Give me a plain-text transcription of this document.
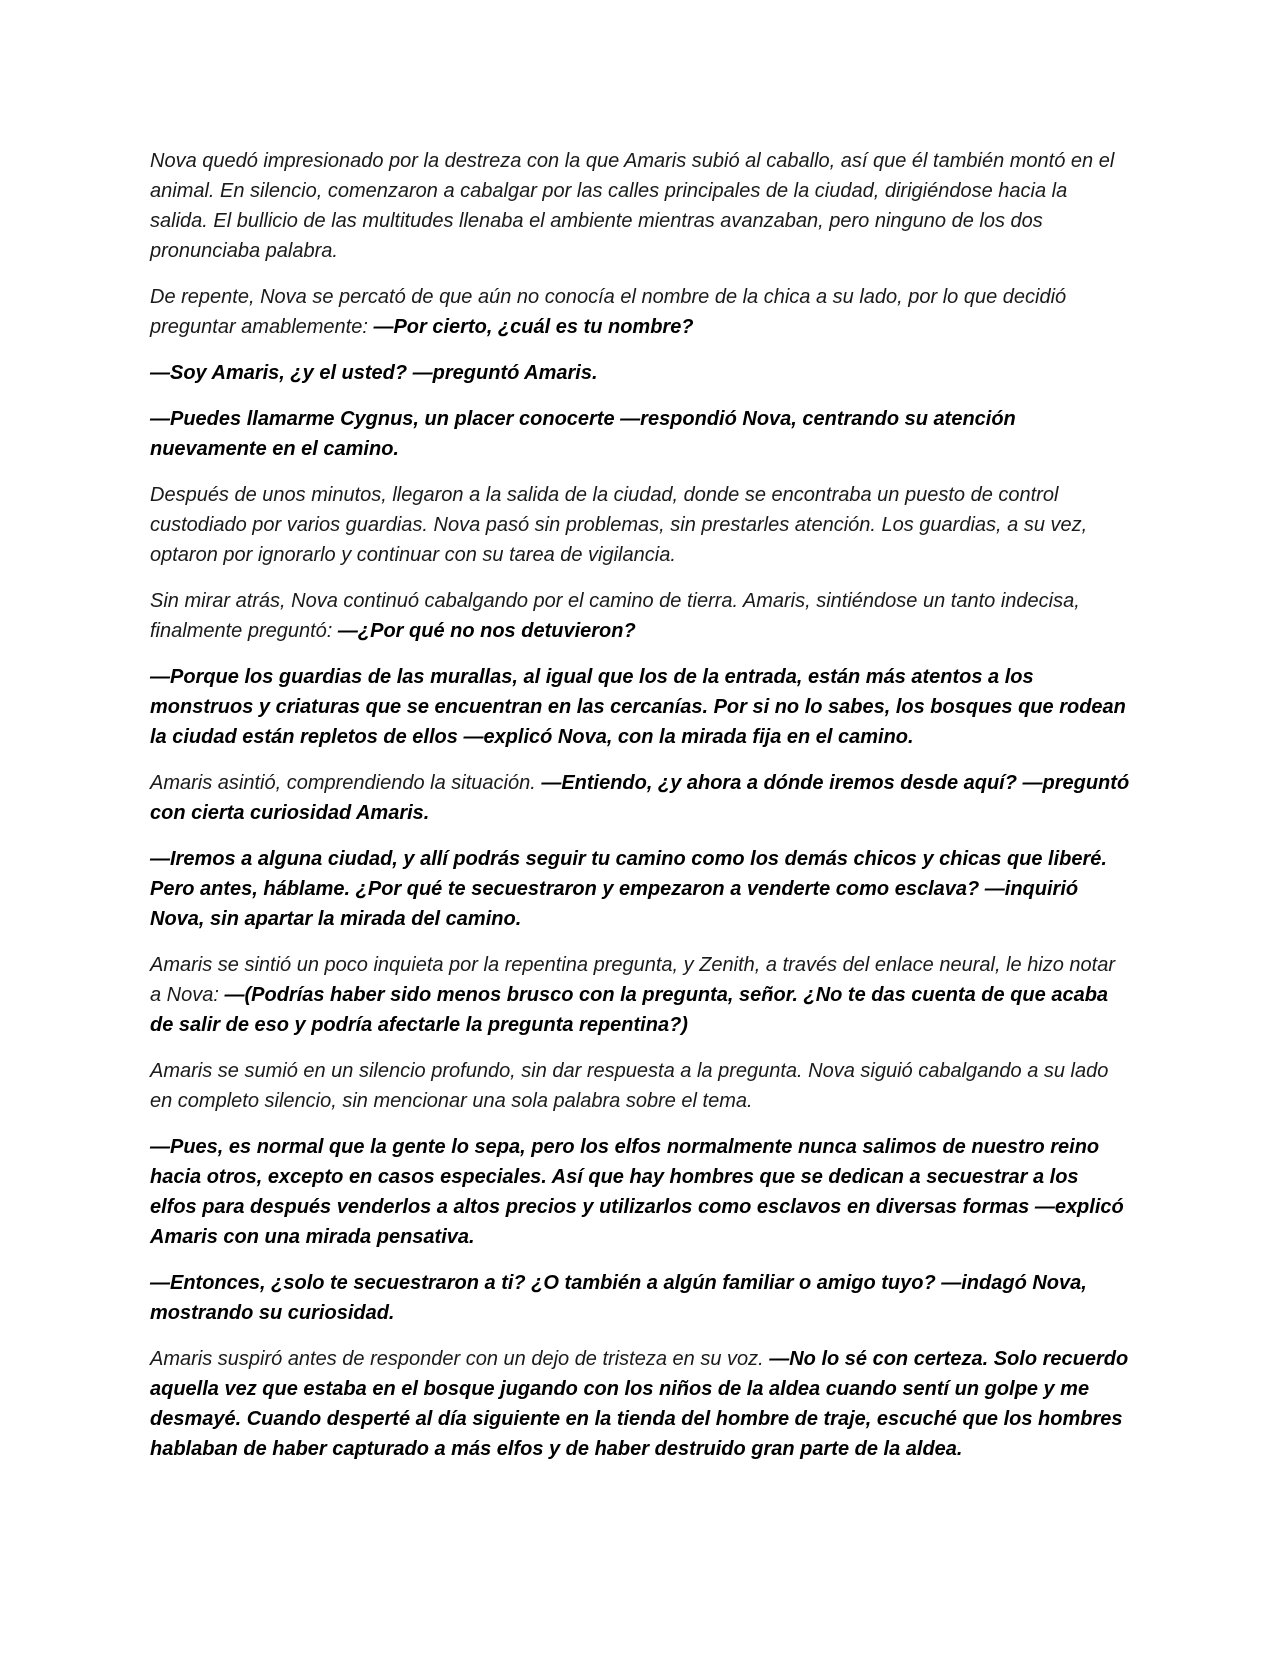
Nova quedó impresionado por la destreza con la que Amaris subió al caballo, así que él también montó en el animal. En silencio, comenzaron a cabalgar por las calles principales de la ciudad, dirigiéndose hacia la salida. El bullicio de las multitudes llenaba el ambiente mientras avanzaban, pero ninguno de los dos pronunciaba palabra.

De repente, Nova se percató de que aún no conocía el nombre de la chica a su lado, por lo que decidió preguntar amablemente: —Por cierto, ¿cuál es tu nombre?

—Soy Amaris, ¿y el usted? —preguntó Amaris.

—Puedes llamarme Cygnus, un placer conocerte —respondió Nova, centrando su atención nuevamente en el camino.

Después de unos minutos, llegaron a la salida de la ciudad, donde se encontraba un puesto de control custodiado por varios guardias. Nova pasó sin problemas, sin prestarles atención. Los guardias, a su vez, optaron por ignorarlo y continuar con su tarea de vigilancia.

Sin mirar atrás, Nova continuó cabalgando por el camino de tierra. Amaris, sintiéndose un tanto indecisa, finalmente preguntó: —¿Por qué no nos detuvieron?

—Porque los guardias de las murallas, al igual que los de la entrada, están más atentos a los monstruos y criaturas que se encuentran en las cercanías. Por si no lo sabes, los bosques que rodean la ciudad están repletos de ellos —explicó Nova, con la mirada fija en el camino.

Amaris asintió, comprendiendo la situación. —Entiendo, ¿y ahora a dónde iremos desde aquí? —preguntó con cierta curiosidad Amaris.

—Iremos a alguna ciudad, y allí podrás seguir tu camino como los demás chicos y chicas que liberé. Pero antes, háblame. ¿Por qué te secuestraron y empezaron a venderte como esclava? —inquirió Nova, sin apartar la mirada del camino.

Amaris se sintió un poco inquieta por la repentina pregunta, y Zenith, a través del enlace neural, le hizo notar a Nova: —(Podrías haber sido menos brusco con la pregunta, señor. ¿No te das cuenta de que acaba de salir de eso y podría afectarle la pregunta repentina?)

Amaris se sumió en un silencio profundo, sin dar respuesta a la pregunta. Nova siguió cabalgando a su lado en completo silencio, sin mencionar una sola palabra sobre el tema.

—Pues, es normal que la gente lo sepa, pero los elfos normalmente nunca salimos de nuestro reino hacia otros, excepto en casos especiales. Así que hay hombres que se dedican a secuestrar a los elfos para después venderlos a altos precios y utilizarlos como esclavos en diversas formas —explicó Amaris con una mirada pensativa.

—Entonces, ¿solo te secuestraron a ti? ¿O también a algún familiar o amigo tuyo? —indagó Nova, mostrando su curiosidad.

Amaris suspiró antes de responder con un dejo de tristeza en su voz. —No lo sé con certeza. Solo recuerdo aquella vez que estaba en el bosque jugando con los niños de la aldea cuando sentí un golpe y me desmayé. Cuando desperté al día siguiente en la tienda del hombre de traje, escuché que los hombres hablaban de haber capturado a más elfos y de haber destruido gran parte de la aldea.
